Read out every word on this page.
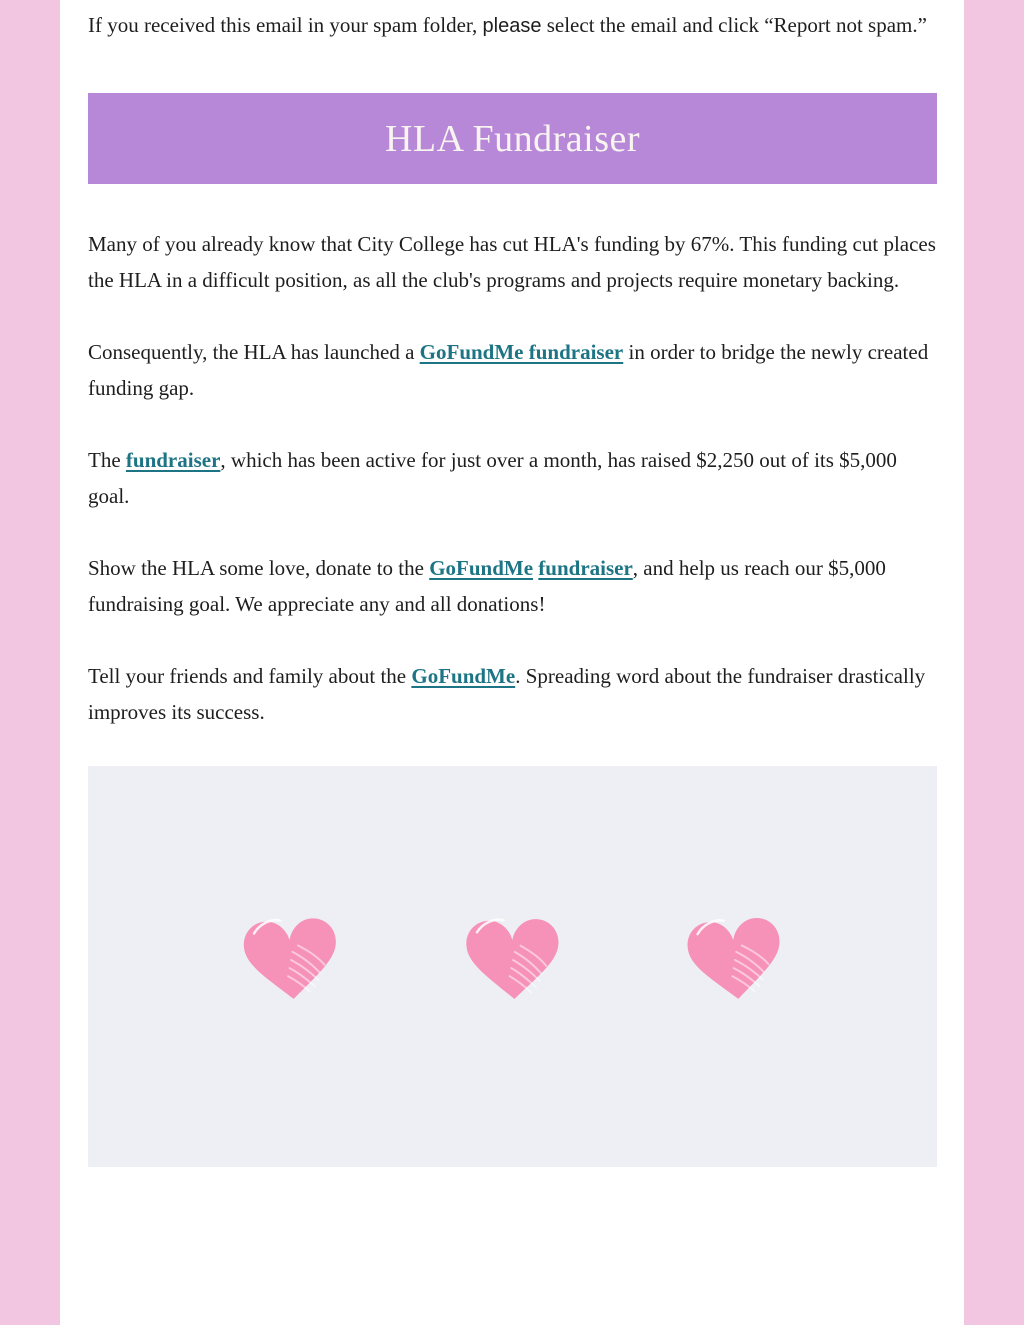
If you received this email in your spam folder, please select the email and click “Report not spam.”

HLA Fundraiser

Many of you already know that City College has cut HLA's funding by 67%. This funding cut places the HLA in a difficult position, as all the club's programs and projects require monetary backing.

Consequently, the HLA has launched a GoFundMe fundraiser in order to bridge the newly created funding gap.

The fundraiser, which has been active for just over a month, has raised $2,250 out of its $5,000 goal.

Show the HLA some love, donate to the GoFundMe fundraiser, and help us reach our $5,000 fundraising goal. We appreciate any and all donations!

Tell your friends and family about the GoFundMe. Spreading word about the fundraiser drastically improves its success.
